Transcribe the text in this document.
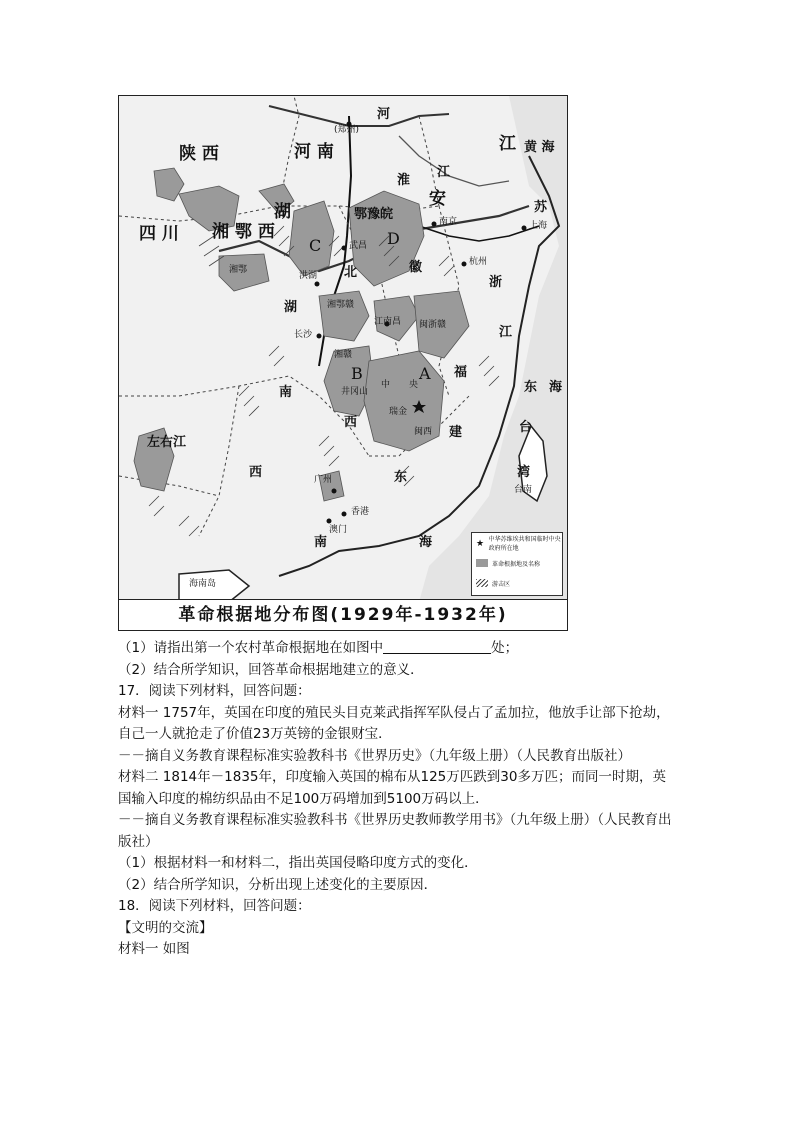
陕 西	河 南	江 黄 海
四 川
湖
湘 鄂 西
鄂豫皖
安
北
河
淮
江
苏
徽
浙
江
福
建
东 海
湖
南
西
西
东
南	海
台
湾
左右江
(郑州)
南京	上海
杭州
武昌
洪湖
长沙
江南昌
瑞金
闽西
井冈山
广州
香港
澳门
台南
海南岛
湘鄂赣
湘赣
闽浙赣
湘鄂
中 央
A
B
C	D
★ 中华苏维埃共和国临时中央政府所在地
革命根据地及名称
游击区
革命根据地分布图(1929年-1932年)
（1）请指出第一个农村革命根据地在如图中	处；
（2）结合所学知识，回答革命根据地建立的意义．
17．阅读下列材料，回答问题：
材料一 1757年，英国在印度的殖民头目克莱武指挥军队侵占了孟加拉，他放手让部下抢劫，自己一人就抢走了价值23万英镑的金银财宝．
－－摘自义务教育课程标准实验教科书《世界历史》（九年级上册）（人民教育出版社）
材料二 1814年－1835年，印度输入英国的棉布从125万匹跌到30多万匹；而同一时期，英国输入印度的棉纺织品由不足100万码增加到5100万码以上．
－－摘自义务教育课程标准实验教科书《世界历史教师教学用书》（九年级上册）（人民教育出版社）
（1）根据材料一和材料二，指出英国侵略印度方式的变化．
（2）结合所学知识，分析出现上述变化的主要原因．
18．阅读下列材料，回答问题：
【文明的交流】
材料一 如图
